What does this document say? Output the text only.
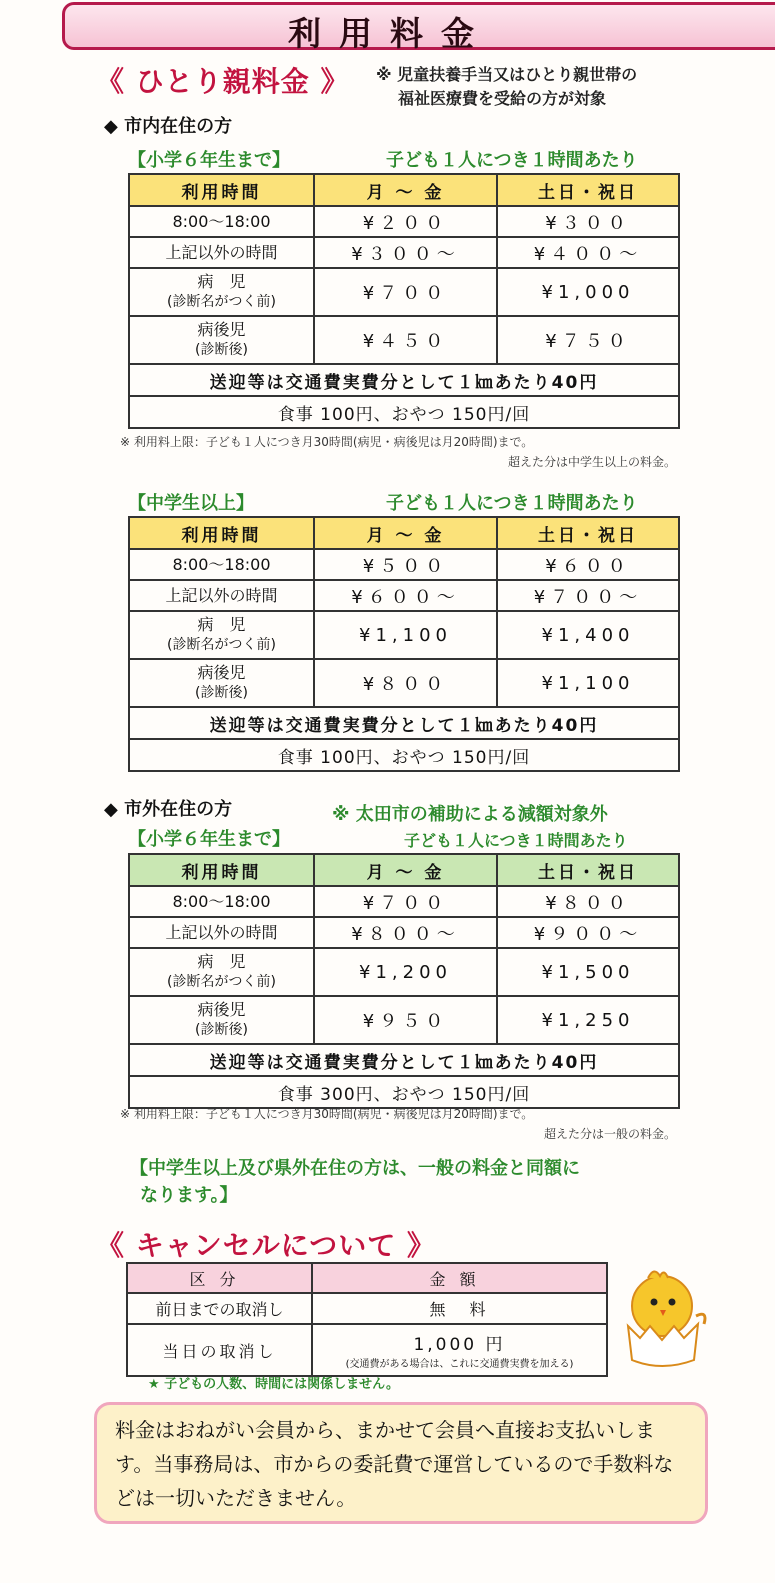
利用料金
《 ひとり親料金 》 ※ 児童扶養手当又はひとり親世帯の
福祉医療費を受給の方が対象
◆ 市内在住の方
【小学６年生まで】	子ども１人につき１時間あたり
利用時間	月 ～ 金	土日・祝日
8:00～18:00	¥２００	¥３００
上記以外の時間	¥３００～	¥４００～

病　児
(診断名がつく前)	¥７００	¥1,000

病後児
(診断後)	¥４５０	¥７５０
送迎等は交通費実費分として１㎞あたり40円		
食事 100円、おやつ 150円/回		
※ 利用料上限：子ども１人につき月30時間(病児・病後児は月20時間)まで。
超えた分は中学生以上の料金。
【中学生以上】	子ども１人につき１時間あたり
利用時間	月 ～ 金	土日・祝日
8:00～18:00	¥５００	¥６００
上記以外の時間	¥６００～	¥７００～

病　児
(診断名がつく前)	¥1,100	¥1,400

病後児
(診断後)	¥８００	¥1,100
送迎等は交通費実費分として１㎞あたり40円		
食事 100円、おやつ 150円/回		
◆ 市外在住の方	※ 太田市の補助による減額対象外
【小学６年生まで】	子ども１人につき１時間あたり
利用時間	月 ～ 金	土日・祝日
8:00～18:00	¥７００	¥８００
上記以外の時間	¥８００～	¥９００～

病　児
(診断名がつく前)	¥1,200	¥1,500

病後児
(診断後)	¥９５０	¥1,250
送迎等は交通費実費分として１㎞あたり40円		
食事 300円、おやつ 150円/回		
※ 利用料上限：子ども１人につき月30時間(病児・病後児は月20時間)まで。
超えた分は一般の料金。
【中学生以上及び県外在住の方は、一般の料金と同額に
なります。】
《 キャンセルについて 》
区分	金額
前日までの取消し	無　料
当日の取消し	1,000 円
(交通費がある場合は、これに交通費実費を加える)
★ 子どもの人数、時間には関係しません。
料金はおねがい会員から、まかせて会員へ直接お支払いします。当事務局は、市からの委託費で運営しているので手数料などは一切いただきません。
